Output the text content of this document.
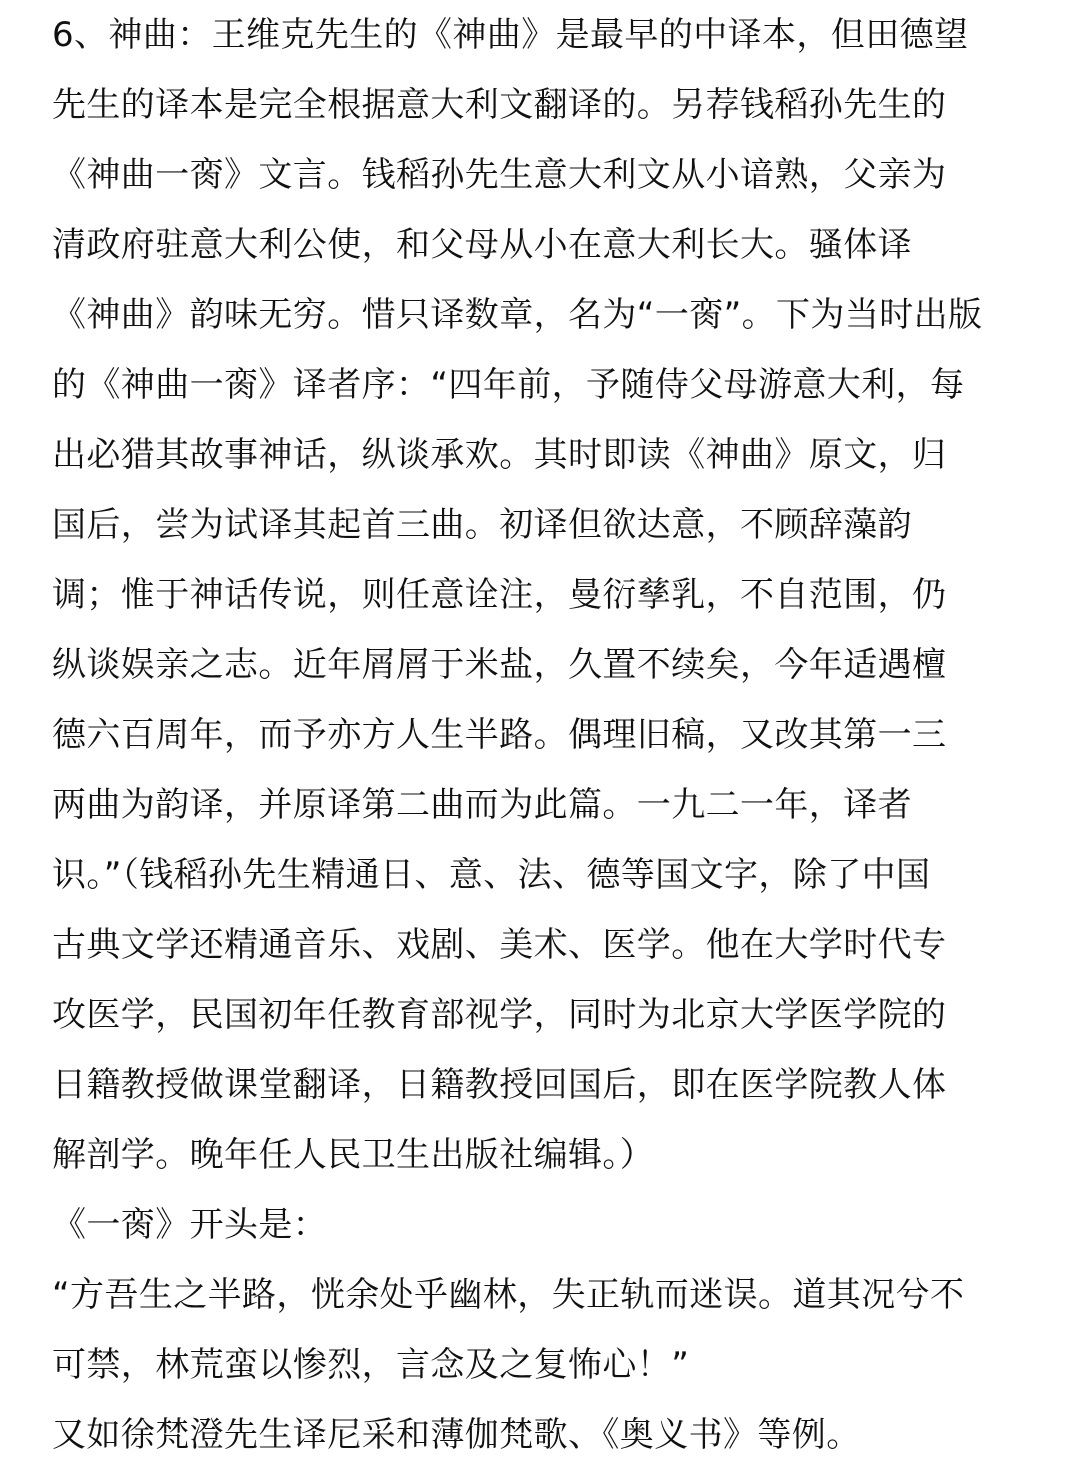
6、神曲：王维克先生的《神曲》是最早的中译本，但田德望
先生的译本是完全根据意大利文翻译的。另荐钱稻孙先生的
《神曲一脔》文言。钱稻孙先生意大利文从小谙熟，父亲为
清政府驻意大利公使，和父母从小在意大利长大。骚体译
《神曲》韵味无穷。惜只译数章，名为“一脔”。下为当时出版
的《神曲一脔》译者序：“四年前，予随侍父母游意大利，每
出必猎其故事神话，纵谈承欢。其时即读《神曲》原文，归
国后，尝为试译其起首三曲。初译但欲达意，不顾辞藻韵
调；惟于神话传说，则任意诠注，曼衍孳乳，不自范围，仍
纵谈娱亲之志。近年屑屑于米盐，久置不续矣，今年适遇檀
德六百周年，而予亦方人生半路。偶理旧稿，又改其第一三
两曲为韵译，并原译第二曲而为此篇。一九二一年，译者
识。”（钱稻孙先生精通日、意、法、德等国文字，除了中国
古典文学还精通音乐、戏剧、美术、医学。他在大学时代专
攻医学，民国初年任教育部视学，同时为北京大学医学院的
日籍教授做课堂翻译，日籍教授回国后，即在医学院教人体
解剖学。晚年任人民卫生出版社编辑。）
《一脔》开头是：
“方吾生之半路，恍余处乎幽林，失正轨而迷误。道其况兮不
可禁，林荒蛮以惨烈，言念及之复怖心！”
又如徐梵澄先生译尼采和薄伽梵歌、《奥义书》等例。
